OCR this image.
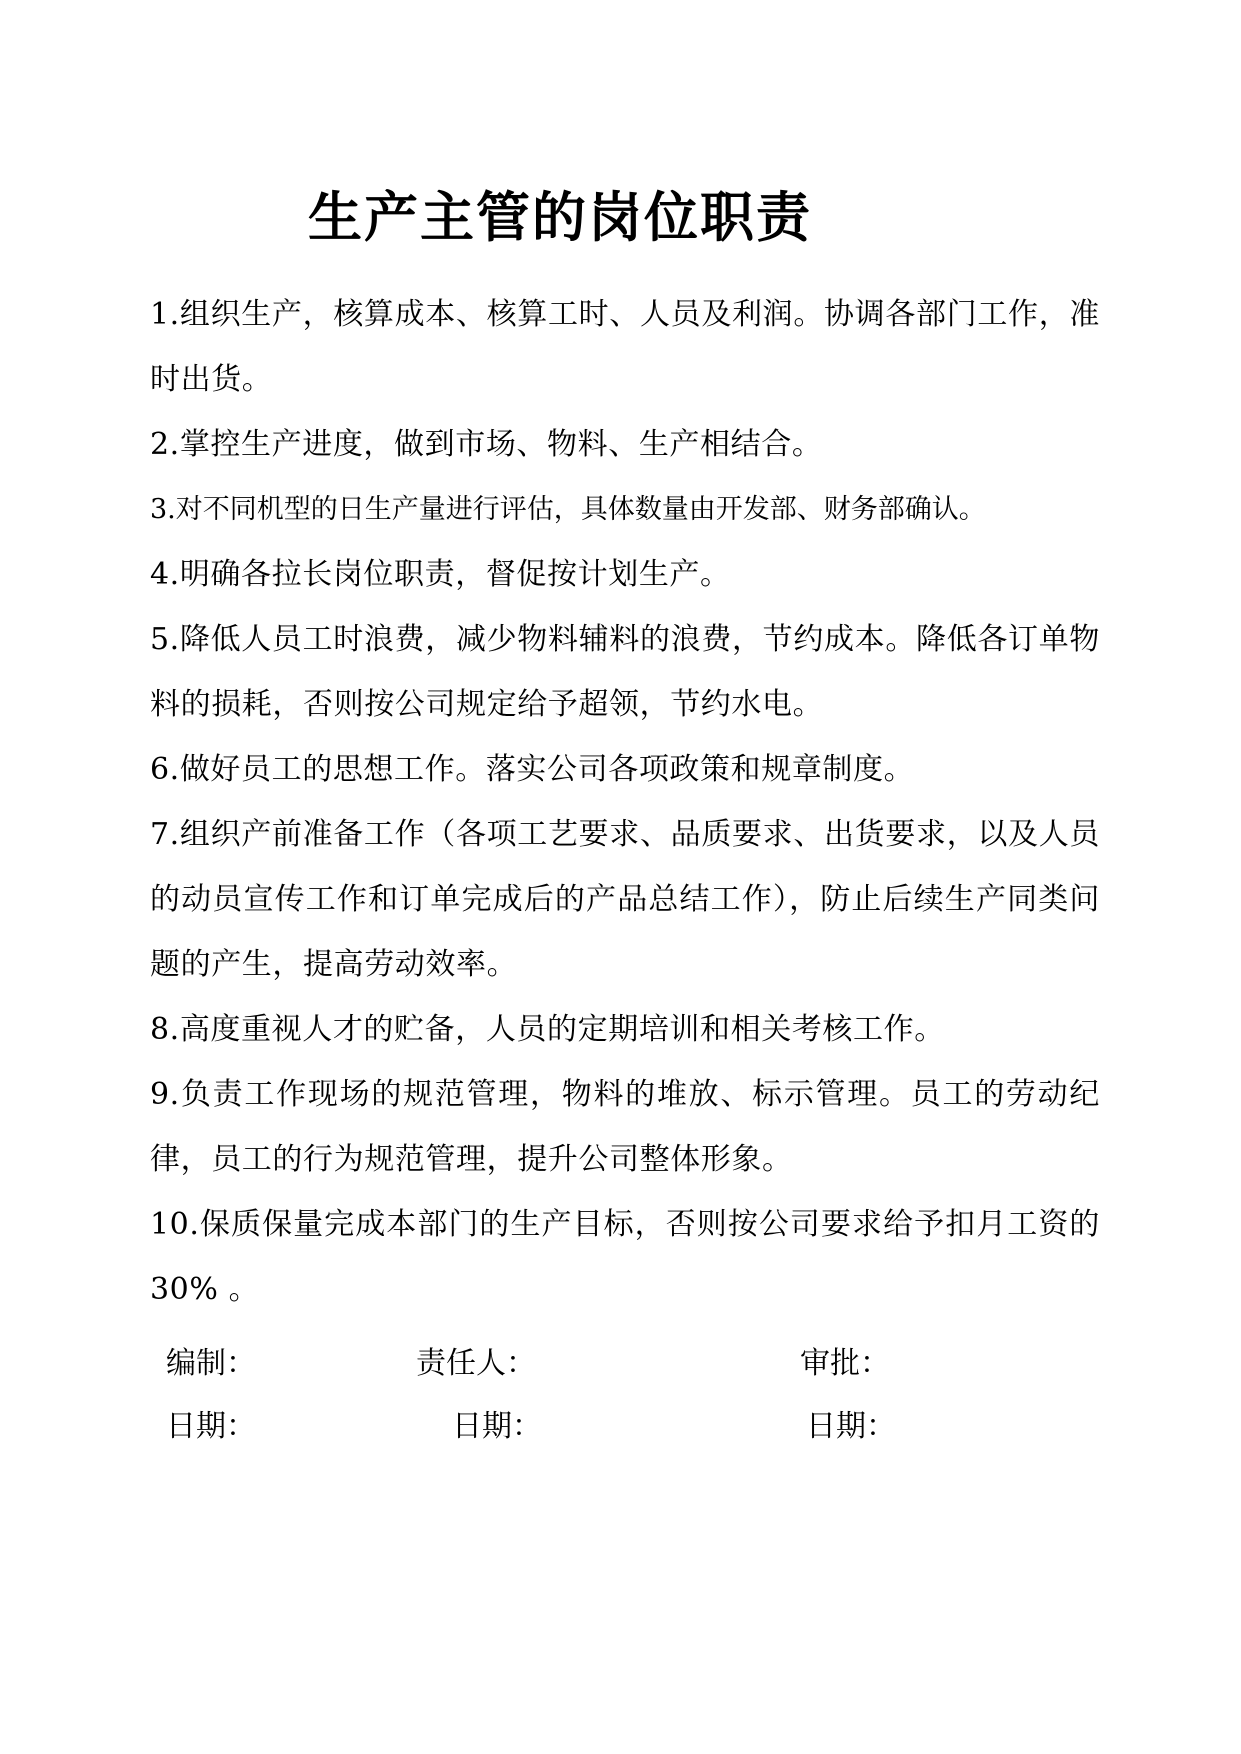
生产主管的岗位职责
1.组织生产，核算成本、核算工时、人员及利润。协调各部门工作，准时出货。
2.掌控生产进度，做到市场、物料、生产相结合。
3.对不同机型的日生产量进行评估，具体数量由开发部、财务部确认。
4.明确各拉长岗位职责，督促按计划生产。
5.降低人员工时浪费，减少物料辅料的浪费，节约成本。降低各订单物料的损耗，否则按公司规定给予超领，节约水电。
6.做好员工的思想工作。落实公司各项政策和规章制度。
7.组织产前准备工作（各项工艺要求、品质要求、出货要求，以及人员的动员宣传工作和订单完成后的产品总结工作），防止后续生产同类问题的产生，提高劳动效率。
8.高度重视人才的贮备，人员的定期培训和相关考核工作。
9.负责工作现场的规范管理，物料的堆放、标示管理。员工的劳动纪律，员工的行为规范管理，提升公司整体形象。
10.保质保量完成本部门的生产目标，否则按公司要求给予扣月工资的 30% 。
编制：	责任人：	审批：
日期：	日期：	日期：
